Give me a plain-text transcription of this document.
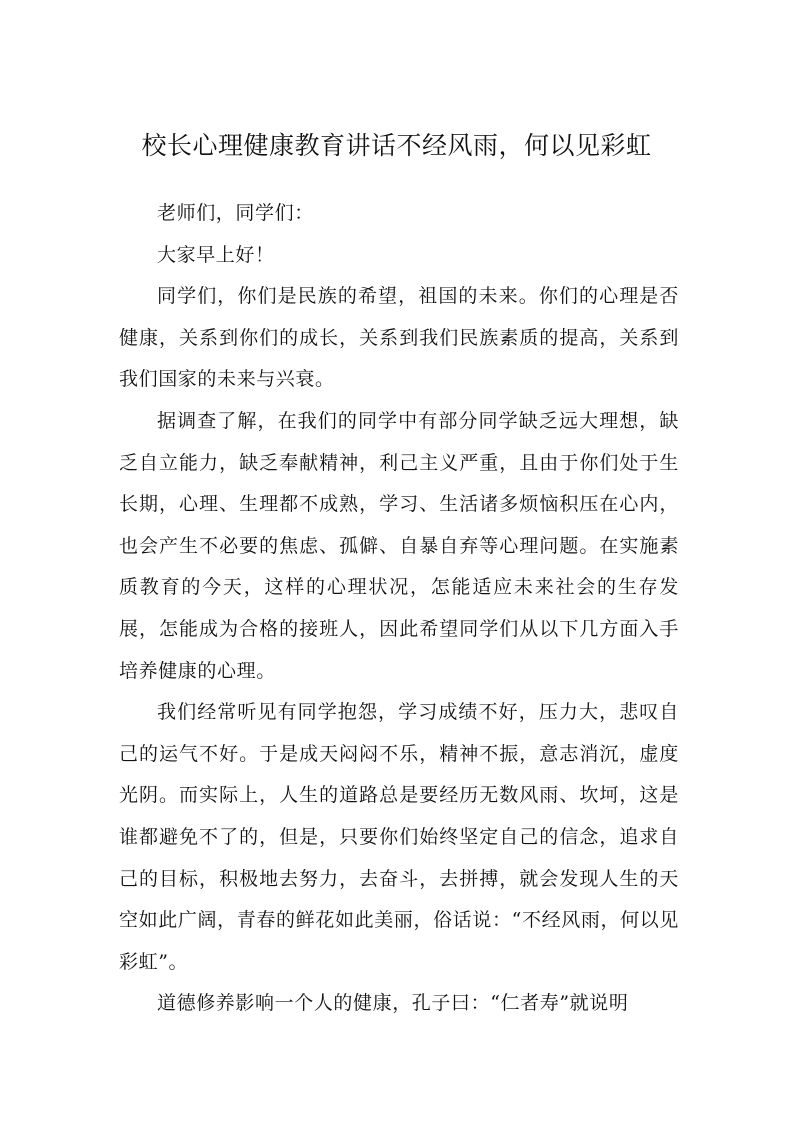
校长心理健康教育讲话不经风雨，何以见彩虹

老师们，同学们：

大家早上好！

同学们，你们是民族的希望，祖国的未来。你们的心理是否健康，关系到你们的成长，关系到我们民族素质的提高，关系到我们国家的未来与兴衰。

据调查了解，在我们的同学中有部分同学缺乏远大理想，缺乏自立能力，缺乏奉献精神，利己主义严重，且由于你们处于生长期，心理、生理都不成熟，学习、生活诸多烦恼积压在心内，也会产生不必要的焦虑、孤僻、自暴自弃等心理问题。在实施素质教育的今天，这样的心理状况，怎能适应未来社会的生存发展，怎能成为合格的接班人，因此希望同学们从以下几方面入手培养健康的心理。

我们经常听见有同学抱怨，学习成绩不好，压力大，悲叹自己的运气不好。于是成天闷闷不乐，精神不振，意志消沉，虚度光阴。而实际上，人生的道路总是要经历无数风雨、坎坷，这是谁都避免不了的，但是，只要你们始终坚定自己的信念，追求自己的目标，积极地去努力，去奋斗，去拼搏，就会发现人生的天空如此广阔，青春的鲜花如此美丽，俗话说：“不经风雨，何以见彩虹”。

道德修养影响一个人的健康，孔子曰：“仁者寿”就说明
